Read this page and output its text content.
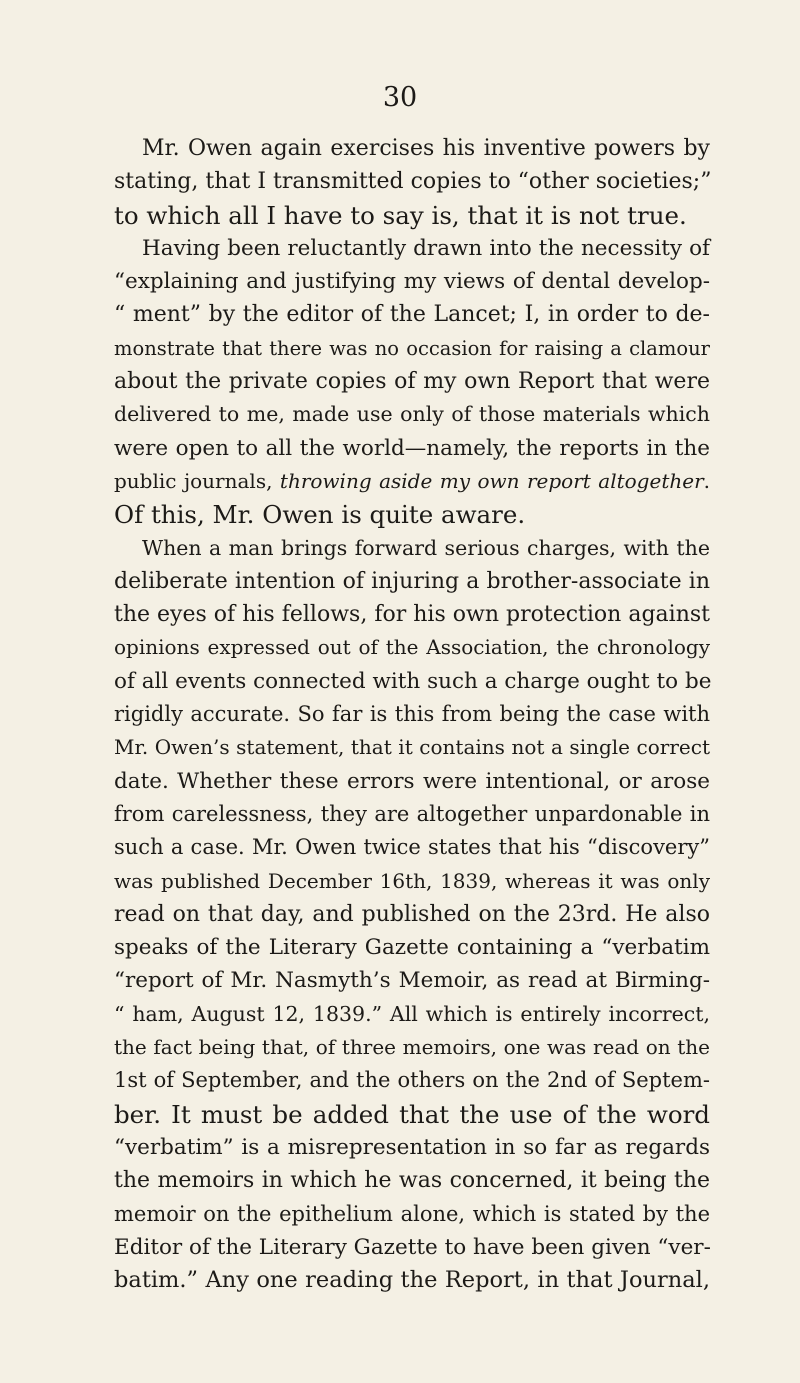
30
Mr. Owen again exercises his inventive powers by
stating, that I transmitted copies to “other societies;”
to which all I have to say is, that it is not true.
Having been reluctantly drawn into the necessity of
“explaining and justifying my views of dental develop-
“ ment” by the editor of the Lancet; I, in order to de-
monstrate that there was no occasion for raising a clamour
about the private copies of my own Report that were
delivered to me, made use only of those materials which
were open to all the world—namely, the reports in the
public journals, throwing aside my own report altogether.
Of this, Mr. Owen is quite aware.
When a man brings forward serious charges, with the
deliberate intention of injuring a brother-associate in
the eyes of his fellows, for his own protection against
opinions expressed out of the Association, the chronology
of all events connected with such a charge ought to be
rigidly accurate. So far is this from being the case with
Mr. Owen’s statement, that it contains not a single correct
date. Whether these errors were intentional, or arose
from carelessness, they are altogether unpardonable in
such a case. Mr. Owen twice states that his “discovery”
was published December 16th, 1839, whereas it was only
read on that day, and published on the 23rd. He also
speaks of the Literary Gazette containing a “verbatim
“report of Mr. Nasmyth’s Memoir, as read at Birming-
“ ham, August 12, 1839.” All which is entirely incorrect,
the fact being that, of three memoirs, one was read on the
1st of September, and the others on the 2nd of Septem-
ber. It must be added that the use of the word
“verbatim” is a misrepresentation in so far as regards
the memoirs in which he was concerned, it being the
memoir on the epithelium alone, which is stated by the
Editor of the Literary Gazette to have been given “ver-
batim.” Any one reading the Report, in that Journal,
